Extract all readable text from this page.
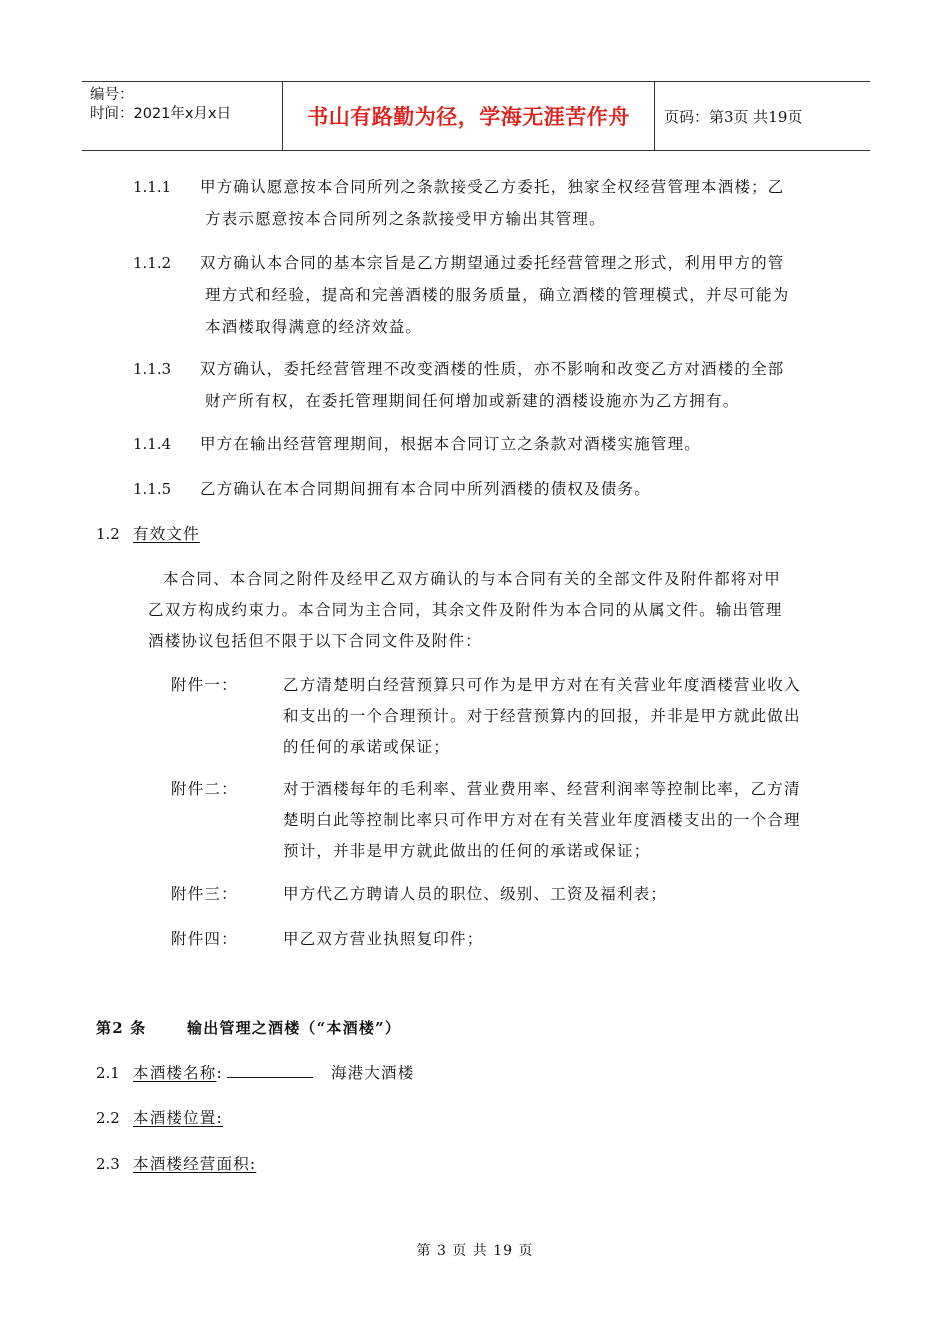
编号：
时间：2021年x月x日	书山有路勤为径，学海无涯苦作舟	页码：第3页 共19页
1.1.1 甲方确认愿意按本合同所列之条款接受乙方委托，独家全权经营管理本酒楼；乙
方表示愿意按本合同所列之条款接受甲方输出其管理。
1.1.2 双方确认本合同的基本宗旨是乙方期望通过委托经营管理之形式，利用甲方的管
理方式和经验，提高和完善酒楼的服务质量，确立酒楼的管理模式，并尽可能为
本酒楼取得满意的经济效益。
1.1.3 双方确认，委托经营管理不改变酒楼的性质，亦不影响和改变乙方对酒楼的全部
财产所有权，在委托管理期间任何增加或新建的酒楼设施亦为乙方拥有。
1.1.4 甲方在输出经营管理期间，根据本合同订立之条款对酒楼实施管理。
1.1.5 乙方确认在本合同期间拥有本合同中所列酒楼的债权及债务。
1.2 有效文件
本合同、本合同之附件及经甲乙双方确认的与本合同有关的全部文件及附件都将对甲
乙双方构成约束力。本合同为主合同，其余文件及附件为本合同的从属文件。输出管理
酒楼协议包括但不限于以下合同文件及附件：
附件一：	乙方清楚明白经营预算只可作为是甲方对在有关营业年度酒楼营业收入
和支出的一个合理预计。对于经营预算内的回报，并非是甲方就此做出
的任何的承诺或保证；
附件二：	对于酒楼每年的毛利率、营业费用率、经营利润率等控制比率，乙方清
楚明白此等控制比率只可作甲方对在有关营业年度酒楼支出的一个合理
预计，并非是甲方就此做出的任何的承诺或保证；
附件三：	甲方代乙方聘请人员的职位、级别、工资及福利表；
附件四：	甲乙双方营业执照复印件；
第2 条	输出管理之酒楼（“本酒楼”）
2.1 本酒楼名称:	海港大酒楼
2.2 本酒楼位置:
2.3 本酒楼经营面积:
第 3 页 共 19 页
